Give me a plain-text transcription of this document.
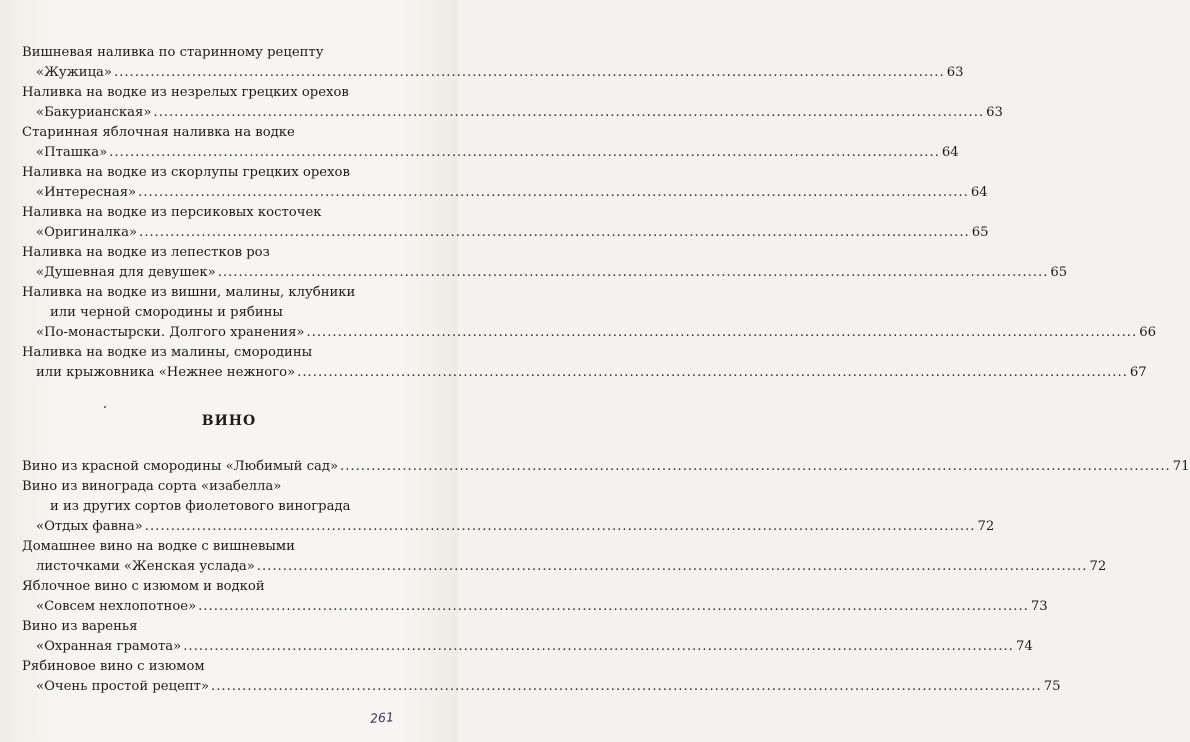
Вишневая наливка по старинному рецепту
«Жужица» ................................................................................................................................................................ 63
Наливка на водке из незрелых грецких орехов
«Бакурианская» ................................................................................................................................................................ 63
Старинная яблочная наливка на водке
«Пташка» ................................................................................................................................................................ 64
Наливка на водке из скорлупы грецких орехов
«Интересная» ................................................................................................................................................................ 64
Наливка на водке из персиковых косточек
«Оригиналка» ................................................................................................................................................................ 65
Наливка на водке из лепестков роз
«Душевная для девушек» ................................................................................................................................................................ 65
Наливка на водке из вишни, малины, клубники
или черной смородины и рябины
«По-монастырски. Долгого хранения» ................................................................................................................................................................ 66
Наливка на водке из малины, смородины
или крыжовника «Нежнее нежного» ................................................................................................................................................................ 67
ВИНО
Вино из красной смородины «Любимый сад» ................................................................................................................................................................ 71
Вино из винограда сорта «изабелла»
и из других сортов фиолетового винограда
«Отдых фавна» ................................................................................................................................................................ 72
Домашнее вино на водке с вишневыми
листочками «Женская услада» ................................................................................................................................................................ 72
Яблочное вино с изюмом и водкой
«Совсем нехлопотное» ................................................................................................................................................................ 73
Вино из варенья
«Охранная грамота» ................................................................................................................................................................ 74
Рябиновое вино с изюмом
«Очень простой рецепт» ................................................................................................................................................................ 75
261
